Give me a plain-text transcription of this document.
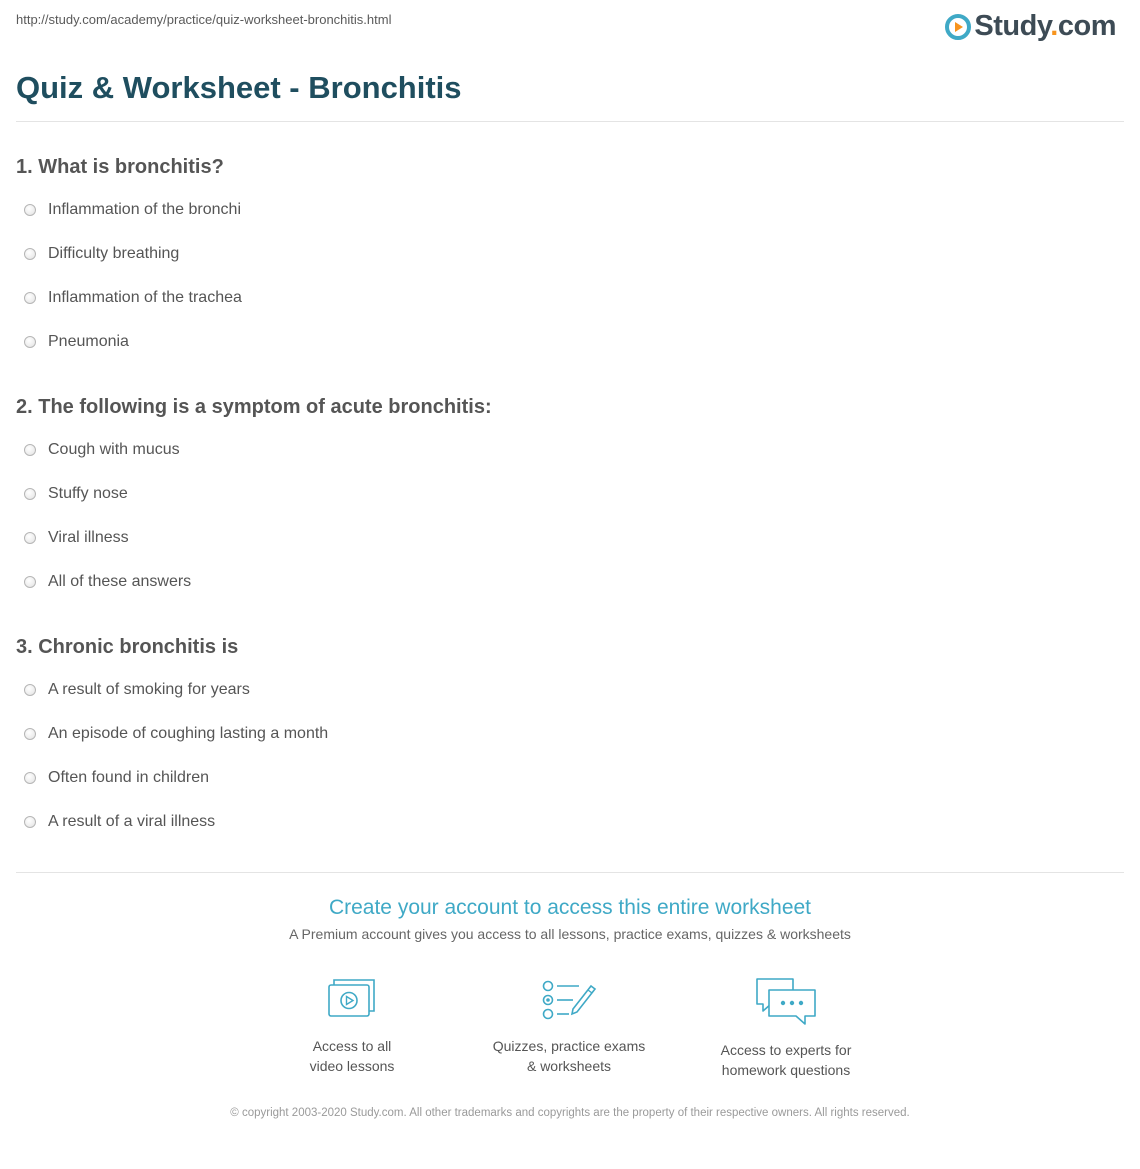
http://study.com/academy/practice/quiz-worksheet-bronchitis.html	Study.com
Quiz & Worksheet - Bronchitis
1. What is bronchitis?
Inflammation of the bronchi
Difficulty breathing
Inflammation of the trachea
Pneumonia
2. The following is a symptom of acute bronchitis:
Cough with mucus
Stuffy nose
Viral illness
All of these answers
3. Chronic bronchitis is
A result of smoking for years
An episode of coughing lasting a month
Often found in children
A result of a viral illness
Create your account to access this entire worksheet
A Premium account gives you access to all lessons, practice exams, quizzes & worksheets
Access to all
video lessons
Quizzes, practice exams
& worksheets
Access to experts for
homework questions
© copyright 2003-2020 Study.com. All other trademarks and copyrights are the property of their respective owners. All rights reserved.
